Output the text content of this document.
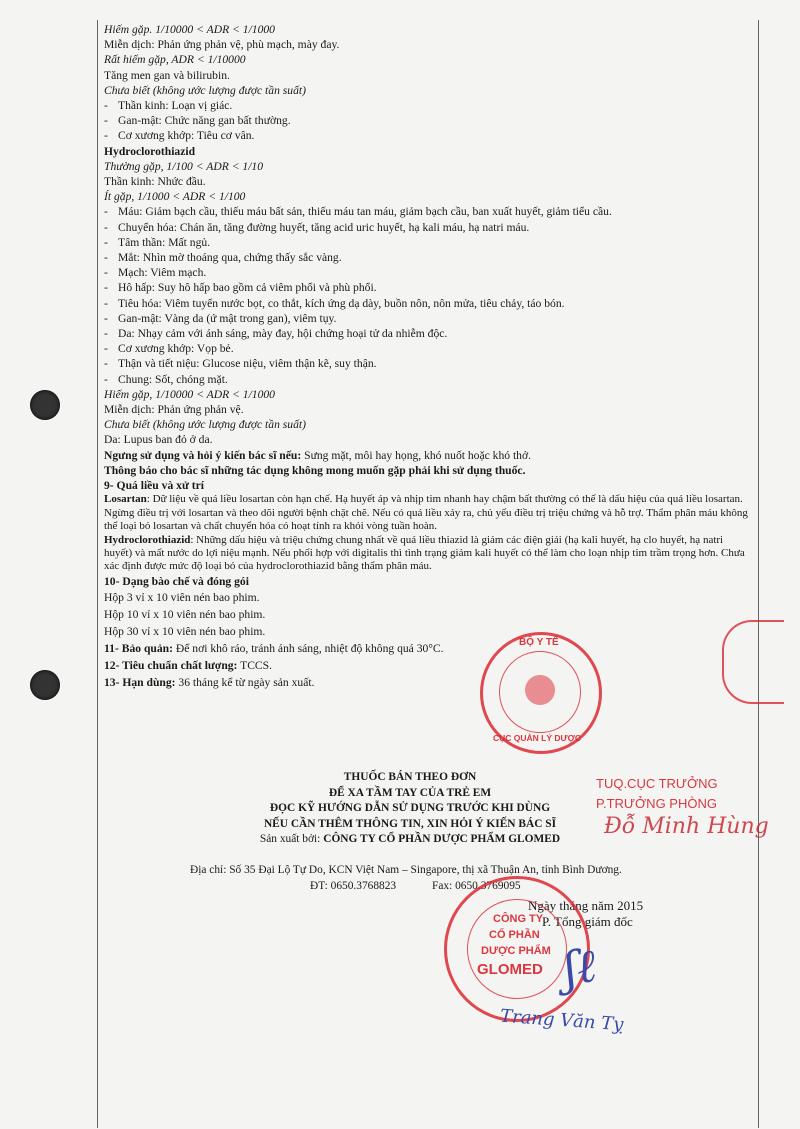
Hiếm gặp. 1/10000 < ADR < 1/1000
Miễn dịch: Phản ứng phản vệ, phù mạch, mày đay.
Rất hiếm gặp, ADR < 1/10000
Tăng men gan và bilirubin.
Chưa biết (không ước lượng được tần suất)
- Thần kinh: Loạn vị giác.
- Gan-mật: Chức năng gan bất thường.
- Cơ xương khớp: Tiêu cơ vân.
Hydroclorothiazid
Thường gặp, 1/100 < ADR < 1/10
Thần kinh: Nhức đầu.
Ít gặp, 1/1000 < ADR < 1/100
- Máu: Giảm bạch cầu, thiếu máu bất sản, thiếu máu tan máu, giảm bạch cầu, ban xuất huyết, giảm tiểu cầu.
- Chuyển hóa: Chán ăn, tăng đường huyết, tăng acid uric huyết, hạ kali máu, hạ natri máu.
- Tâm thần: Mất ngủ.
- Mắt: Nhìn mờ thoáng qua, chứng thấy sắc vàng.
- Mạch: Viêm mạch.
- Hô hấp: Suy hô hấp bao gồm cả viêm phổi và phù phổi.
- Tiêu hóa: Viêm tuyến nước bọt, co thắt, kích ứng dạ dày, buồn nôn, nôn mửa, tiêu chảy, táo bón.
- Gan-mật: Vàng da (ứ mật trong gan), viêm tụy.
- Da: Nhạy cảm với ánh sáng, mày đay, hội chứng hoại tử da nhiễm độc.
- Cơ xương khớp: Vọp bẻ.
- Thận và tiết niệu: Glucose niệu, viêm thận kẽ, suy thận.
- Chung: Sốt, chóng mặt.
Hiếm gặp, 1/10000 < ADR < 1/1000
Miễn dịch: Phản ứng phản vệ.
Chưa biết (không ước lượng được tần suất)
Da: Lupus ban đỏ ở da.
Ngưng sử dụng và hỏi ý kiến bác sĩ nếu: Sưng mặt, môi hay họng, khó nuốt hoặc khó thở.
Thông báo cho bác sĩ những tác dụng không mong muốn gặp phải khi sử dụng thuốc.
9- Quá liều và xử trí
Losartan: Dữ liệu về quá liều losartan còn hạn chế. Hạ huyết áp và nhịp tim nhanh hay chậm bất thường có thể là dấu hiệu của quá liều losartan. Ngừng điều trị với losartan và theo dõi người bệnh chặt chẽ. Nếu có quá liều xảy ra, chủ yếu điều trị triệu chứng và hỗ trợ. Thẩm phân máu không thể loại bỏ losartan và chất chuyển hóa có hoạt tính ra khỏi vòng tuần hoàn.
Hydroclorothiazid: Những dấu hiệu và triệu chứng chung nhất về quá liều thiazid là giảm các điện giải (hạ kali huyết, hạ clo huyết, hạ natri huyết) và mất nước do lợi niệu mạnh. Nếu phối hợp với digitalis thì tình trạng giảm kali huyết có thể làm cho loạn nhịp tim trầm trọng hơn. Chưa xác định được mức độ loại bỏ của hydroclorothiazid bằng thẩm phân máu.
10- Dạng bào chế và đóng gói
Hộp 3 vỉ x 10 viên nén bao phim.
Hộp 10 vỉ x 10 viên nén bao phim.
Hộp 30 vỉ x 10 viên nén bao phim.
11- Bảo quản: Để nơi khô ráo, tránh ánh sáng, nhiệt độ không quá 30°C.
12- Tiêu chuẩn chất lượng: TCCS.
13- Hạn dùng: 36 tháng kể từ ngày sản xuất.
THUỐC BÁN THEO ĐƠN
ĐỂ XA TẦM TAY CỦA TRẺ EM
ĐỌC KỸ HƯỚNG DẪN SỬ DỤNG TRƯỚC KHI DÙNG
NẾU CẦN THÊM THÔNG TIN, XIN HỎI Ý KIẾN BÁC SĨ
Sản xuất bởi: CÔNG TY CỔ PHẦN DƯỢC PHẨM GLOMED
Địa chỉ: Số 35 Đại Lộ Tự Do, KCN Việt Nam – Singapore, thị xã Thuận An, tỉnh Bình Dương.
ĐT: 0650.3768823	Fax: 0650.3769095
Ngày tháng năm 2015
P. Tổng giám đốc
BỘ Y TẾ
CỤC QUẢN LÝ DƯỢC
CÔNG TY
CỔ PHẦN
DƯỢC PHẨM
GLOMED
TUQ.CỤC TRƯỞNG
P.TRƯỞNG PHÒNG
Đỗ Minh Hùng
ʃℓ
Trang Văn Tỵ
